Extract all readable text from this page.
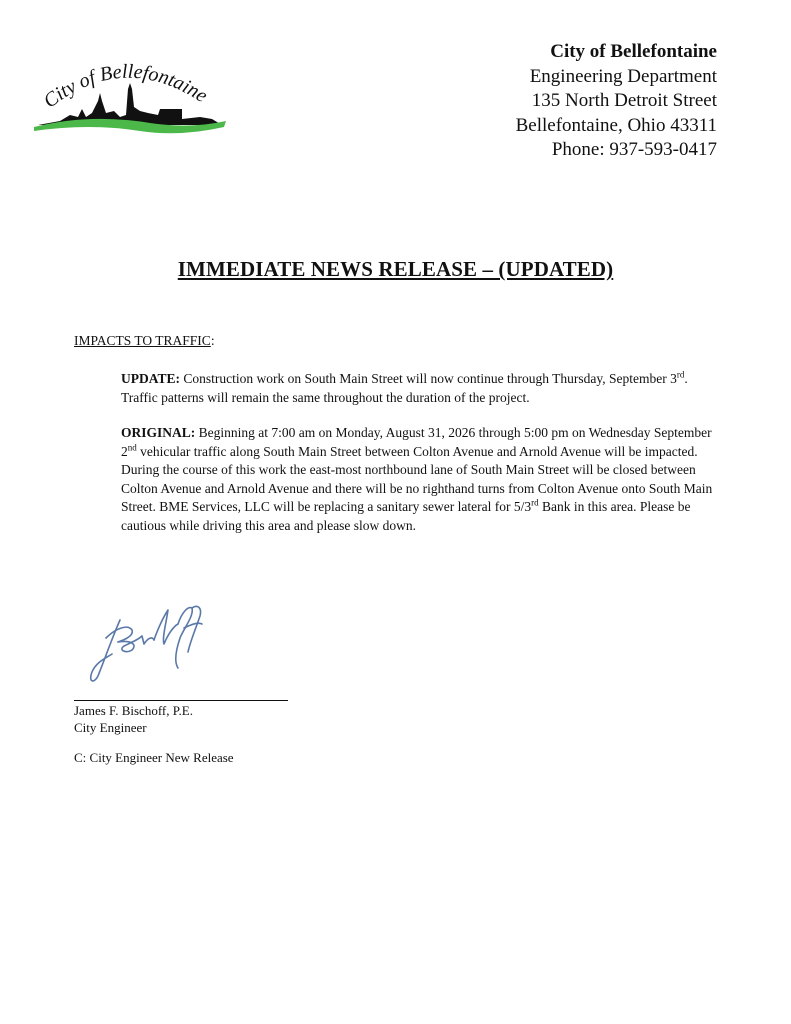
City of Bellefontaine
City of Bellefontaine
Engineering Department
135 North Detroit Street
Bellefontaine, Ohio 43311
Phone: 937-593-0417
IMMEDIATE NEWS RELEASE – (UPDATED)
IMPACTS TO TRAFFIC:
UPDATE: Construction work on South Main Street will now continue through Thursday, September 3rd. Traffic patterns will remain the same throughout the duration of the project.
ORIGINAL: Beginning at 7:00 am on Monday, August 31, 2026 through 5:00 pm on Wednesday September 2nd vehicular traffic along South Main Street between Colton Avenue and Arnold Avenue will be impacted. During the course of this work the east-most northbound lane of South Main Street will be closed between Colton Avenue and Arnold Avenue and there will be no righthand turns from Colton Avenue onto South Main Street. BME Services, LLC will be replacing a sanitary sewer lateral for 5/3rd Bank in this area. Please be cautious while driving this area and please slow down.
James F. Bischoff, P.E.
City Engineer
C: City Engineer New Release
